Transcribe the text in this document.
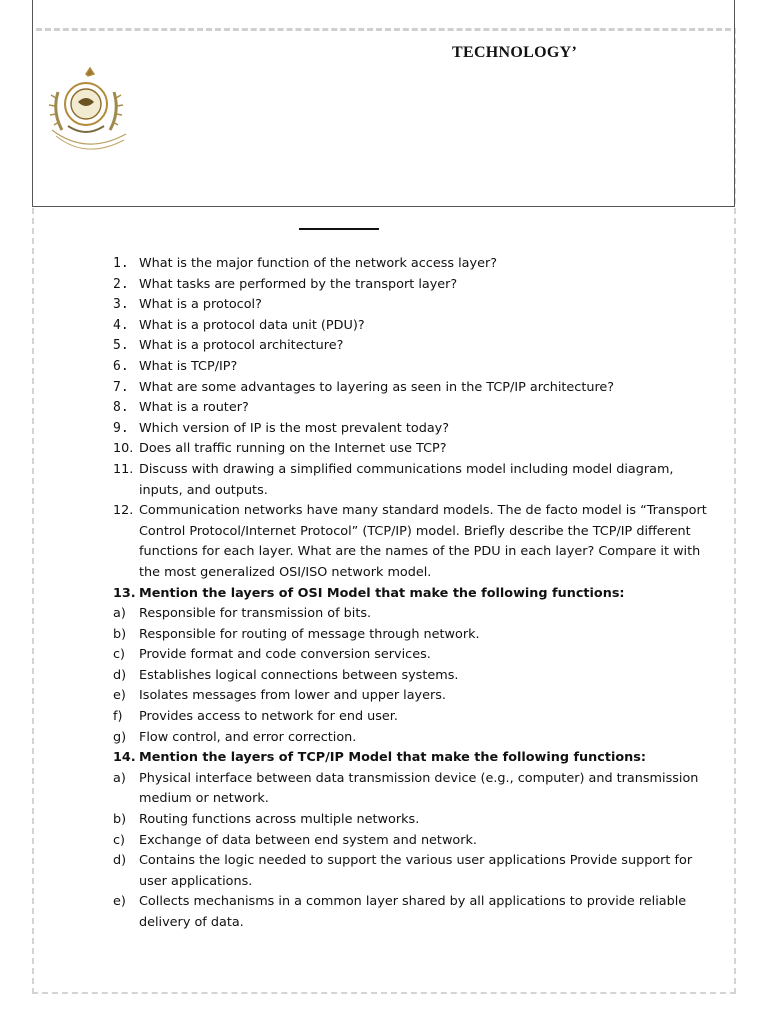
TECHNOLOGY’
1. What is the major function of the network access layer?
2. What tasks are performed by the transport layer?
3. What is a protocol?
4. What is a protocol data unit (PDU)?
5. What is a protocol architecture?
6. What is TCP/IP?
7. What are some advantages to layering as seen in the TCP/IP architecture?
8. What is a router?
9. Which version of IP is the most prevalent today?
10. Does all traffic running on the Internet use TCP?
11. Discuss with drawing a simplified communications model including model diagram, inputs, and outputs.
12. Communication networks have many standard models. The de facto model is “Transport Control Protocol/Internet Protocol” (TCP/IP) model. Briefly describe the TCP/IP different functions for each layer. What are the names of the PDU in each layer? Compare it with the most generalized OSI/ISO network model.
13. Mention the layers of OSI Model that make the following functions:
a)	Responsible for transmission of bits.
b)	Responsible for routing of message through network.
c)	Provide format and code conversion services.
d)	Establishes logical connections between systems.
e)	Isolates messages from lower and upper layers.
f)	Provides access to network for end user.
g)	Flow control, and error correction.
14. Mention the layers of TCP/IP Model that make the following functions:
a)	Physical interface between data transmission device (e.g., computer) and transmission medium or network.
b)	Routing functions across multiple networks.
c)	Exchange of data between end system and network.
d)	Contains the logic needed to support the various user applications Provide support for user applications.
e)	Collects mechanisms in a common layer shared by all applications to provide reliable delivery of data.
